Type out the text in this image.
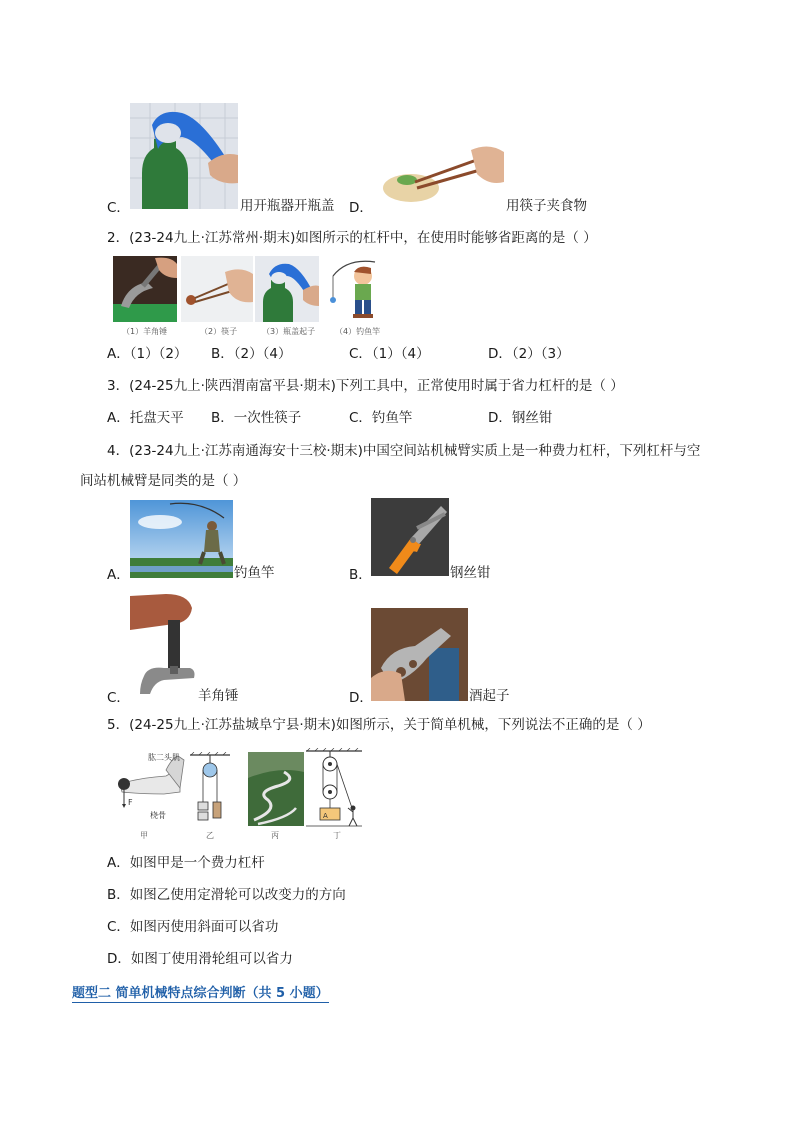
C．	用开瓶器开瓶盖 D．	用筷子夹食物
2．(23-24九上·江苏常州·期末)如图所示的杠杆中，在使用时能够省距离的是（ ）
（1）羊角锤	（2）筷子	（3）瓶盖起子 （4）钓鱼竿
A．（1）（2） B．（2）（4）	C．（1）（4）	D．（2）（3）
3．(24-25九上·陕西渭南富平县·期末)下列工具中，正常使用时属于省力杠杆的是（ ）
A．托盘天平 B．一次性筷子	C．钓鱼竿	D．钢丝钳
4．(23-24九上·江苏南通海安十三校·期末)中国空间站机械臂实质上是一种费力杠杆，下列杠杆与空
间站机械臂是同类的是（ ）
A．	钓鱼竿	B．	钢丝钳
C．	羊角锤	D．	酒起子
5．(24-25九上·江苏盐城阜宁县·期末)如图所示，关于简单机械，下列说法不正确的是（ ）
肱二头肌
F
桡骨
甲	乙	丙
A
丁
A．如图甲是一个费力杠杆
B．如图乙使用定滑轮可以改变力的方向
C．如图丙使用斜面可以省功
D．如图丁使用滑轮组可以省力
题型二 简单机械特点综合判断（共 5 小题）
